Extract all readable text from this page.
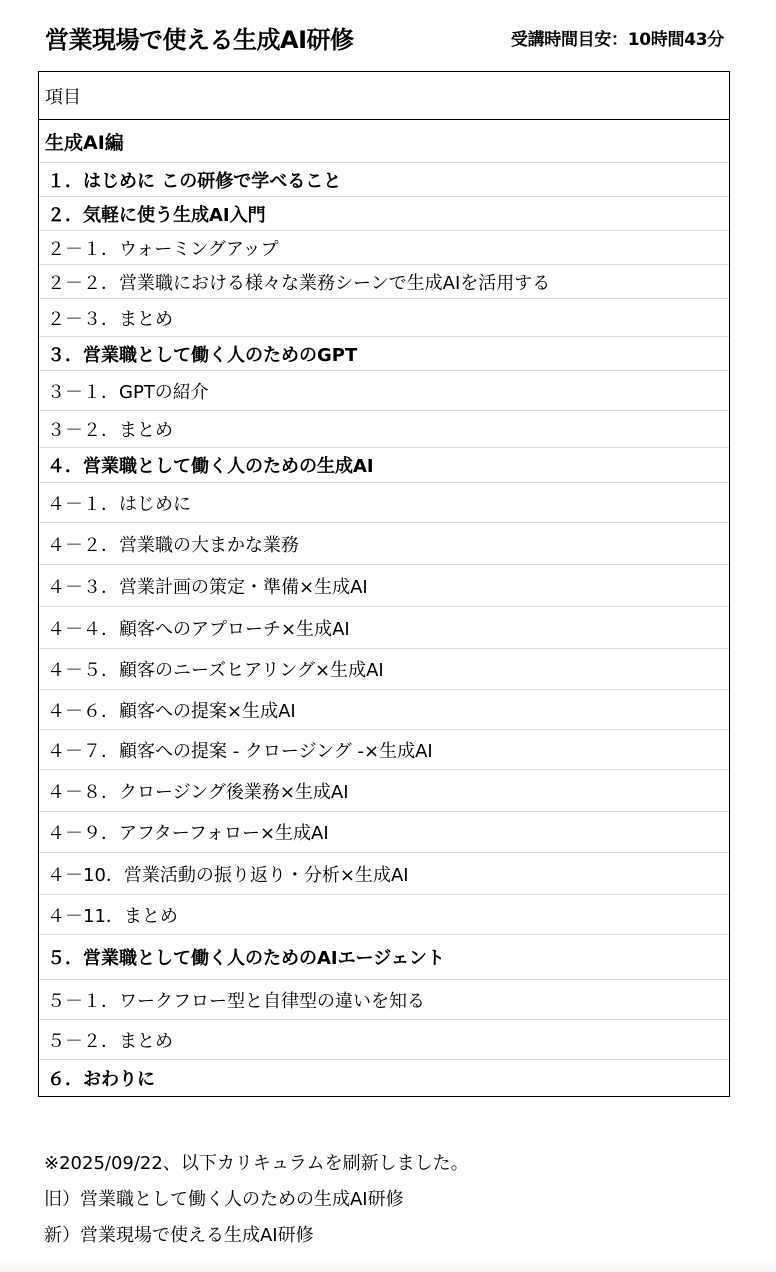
営業現場で使える生成AI研修	受講時間目安：10時間43分
項目
生成AI編
１．はじめに この研修で学べること
２．気軽に使う生成AI入門
２－１．ウォーミングアップ
２－２．営業職における様々な業務シーンで生成AIを活用する
２－３．まとめ
３．営業職として働く人のためのGPT
３－１．GPTの紹介
３－２．まとめ
４．営業職として働く人のための生成AI
４－１．はじめに
４－２．営業職の大まかな業務
４－３．営業計画の策定・準備×生成AI
４－４．顧客へのアプローチ×生成AI
４－５．顧客のニーズヒアリング×生成AI
４－６．顧客への提案×生成AI
４－７．顧客への提案 - クロージング -×生成AI
４－８．クロージング後業務×生成AI
４－９．アフターフォロー×生成AI
４－10．営業活動の振り返り・分析×生成AI
４－11．まとめ
５．営業職として働く人のためのAIエージェント
５－１．ワークフロー型と自律型の違いを知る
５－２．まとめ
６．おわりに
※2025/09/22、以下カリキュラムを刷新しました。
旧）営業職として働く人のための生成AI研修
新）営業現場で使える生成AI研修
